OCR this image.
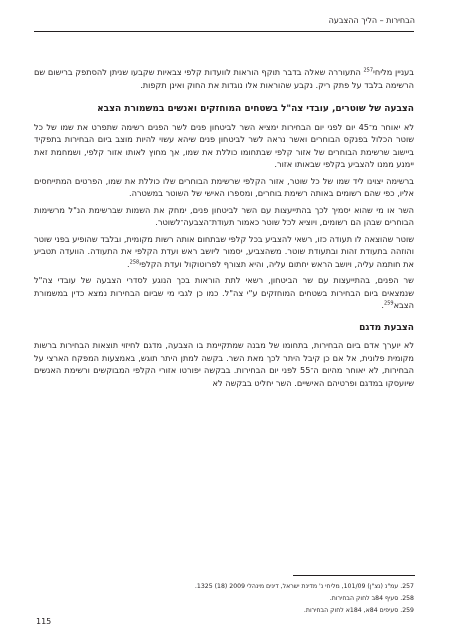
הבחירות – הליך ההצבעה

בעניין מליחי$^{257}$ התעוררה שאלה בדבר תוקף הוראות לוועדות קלפי צבאיות שקבעו שניתן להסתפק ברישום שם הרשימה בלבד על פתק ריק. נקבע שהוראות אלו נוגדות את החוק ואינן תקפות.

הצבעה של שוטרים, עובדי צה"ל בשטחים המוחזקים ואנשים במשמורת הצבא

לא יאוחר מ־45 יום לפני יום הבחירות ימציא השר לביטחון פנים לשר הפנים רשימה שתפרט את שמו של כל שוטר הכלול בפנקס הבוחרים ואשר נראה לשר לביטחון פנים שיהא עשוי להיות מוצב ביום הבחירות בתפקיד ביישוב שרשימת הבוחרים של אזור קלפי שבתחומו כוללת את שמו, אך מחוץ לאותו אזור קלפי, ושמחמת זאת יימנע ממנו להצביע בקלפי שבאותו אזור.

ברשימה יצוינו ליד שמו של כל שוטר, אזור הקלפי שרשימת הבוחרים שלו כוללת את שמו, הפרטים המתייחסים אליו, כפי שהם רשומים באותה רשימת בוחרים, ומספרו האישי של השוטר במשטרה.

השר או מי שהוא יסמיך לכך בהתייעצות עם השר לביטחון פנים, ימחק את השמות שברשימת הנ"ל מרשימות הבוחרים שבהן הם רשומים, ויוציא לכל שוטר כאמור תעודת־הצבעה־לשוטר.

שוטר שהוצאה לו תעודה כזו, רשאי להצביע בכל קלפי שבתחום אותה רשות מקומית, ובלבד שהופיע בפני שוטר והוזהה בתעודת זהות ובתעודת שוטר. משהצביע, יסמור ליושב ראש ועדת הקלפי את התעודה. הוועדה תטביע את חותמה עליה, ויושב הראש יחתום עליה, והיא תצורף לפרוטוקול ועדת הקלפי$^{258}$.

שר הפנים, בהתייעצות עם שר הביטחון, רשאי לתת הוראות בכך הנוגע לסדרי הצבעה של עובדי צה"ל שנמצאים ביום הבחירות בשטחים המוחזקים ע"י צה"ל. כמו כן לגבי מי שביום הבחירות נמצא כדין במשמורת הצבא$^{259}$.

הצבעת מדגם

לא יוערך אדם ביום הבחירות, בתחומו של מבנה שמתקיימת בו הצבעה, מדגם לחיזוי תוצאות הבחירות ברשות מקומית פלונית, אל אם כן קיבל היתר לכך מאת השר. בקשה למתן היתר תוגש, באמצעות המפקח הארצי על הבחירות, לא יאוחר מהיום ה־55 לפני יום הבחירות. בבקשה יפורטו אזורי הקלפי המבוקשים ורשימת האנשים שיועסקו במדגם ופרטיהם האישיים. השר יחליט בבקשה לא

257. עמ"נ (נצ"ן) 09/‏101, מליחי נ' מדינת ישראל, דינים מינהלי 2009 (18) 1325.
258. סעיף 84ב לחוק הבחירות.
259. סעיפים 84א, 184א לחוק הבחירות.
115
